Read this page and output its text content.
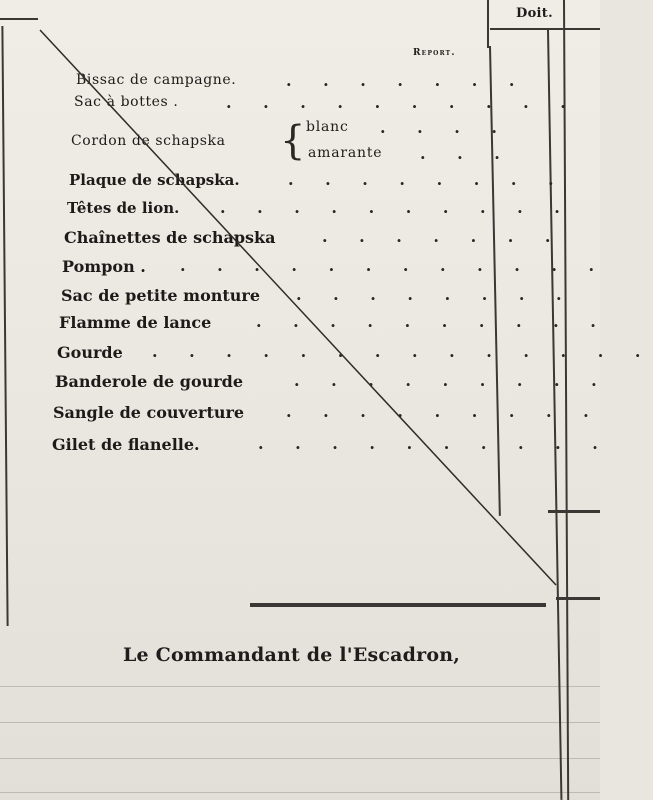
Doit.
Report.
Bissac de campagne.	. . . . . . .
Sac à bottes .	. . . . . . . . . .
Cordon de schapska { blanc . . . .
amarante . . .
Plaque de schapska.	. . . . . . . .
Têtes de lion.	. . . . . . . . . .
Chaînettes de schapska	. . . . . . .
Pompon . . . . . . . . . . . . .
Sac de petite monture . . . . . . . .
Flamme de lance	. . . . . . . . . .
Gourde . . . . . . . . . . . . . .
Banderole de gourde	. . . . . . . . .
Sangle de couverture	. . . . . . . . .
Gilet de flanelle.	. . . . . . . . . .
Le Commandant de l'Escadron,
